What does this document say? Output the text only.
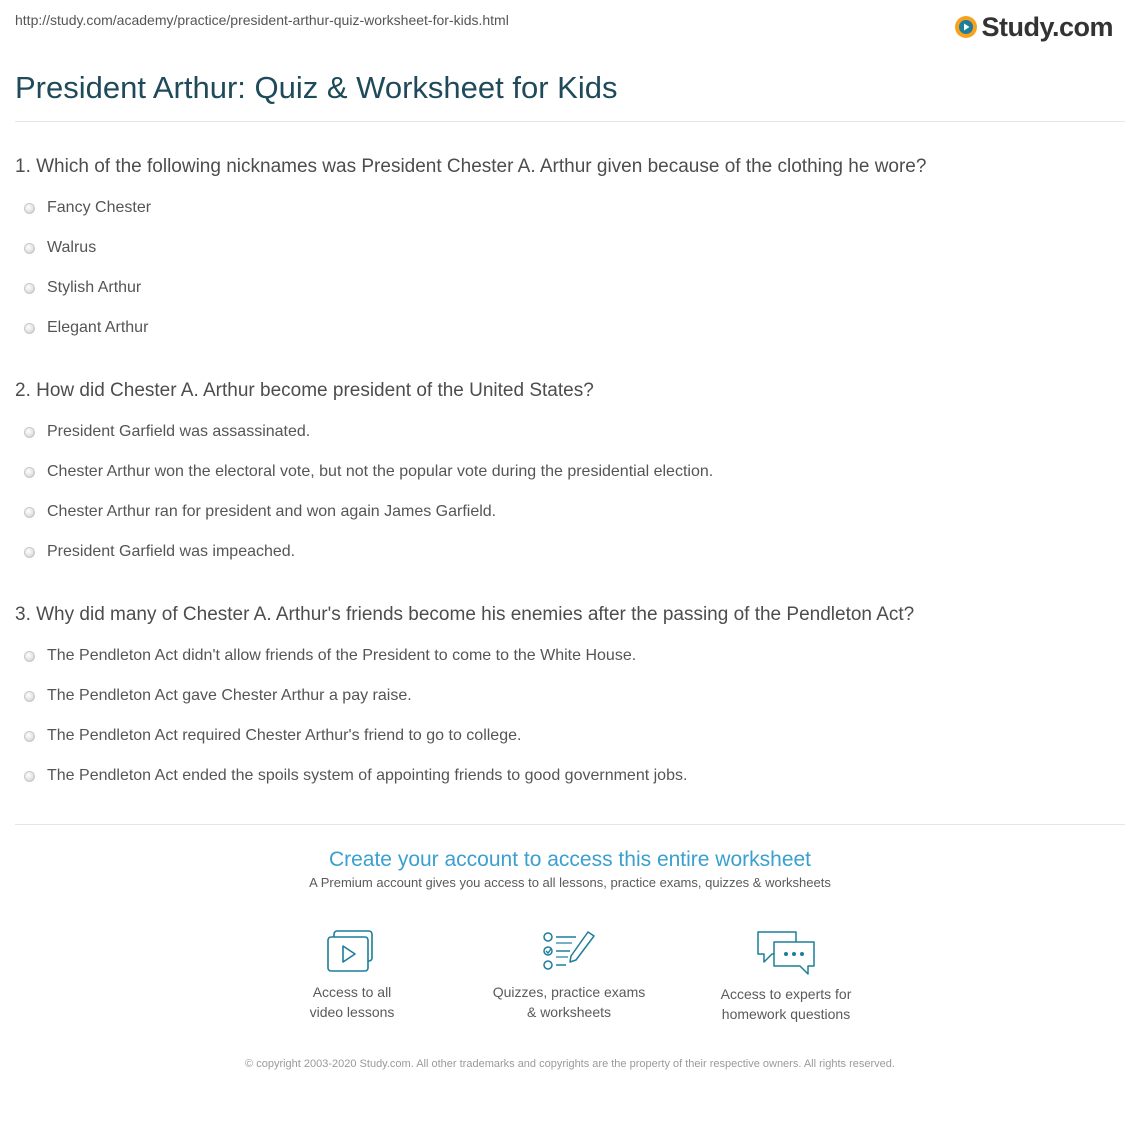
http://study.com/academy/practice/president-arthur-quiz-worksheet-for-kids.html	Study.com
President Arthur: Quiz & Worksheet for Kids

1. Which of the following nicknames was President Chester A. Arthur given because of the clothing he wore?

Fancy Chester
Walrus
Stylish Arthur
Elegant Arthur

2. How did Chester A. Arthur become president of the United States?

President Garfield was assassinated.
Chester Arthur won the electoral vote, but not the popular vote during the presidential election.
Chester Arthur ran for president and won again James Garfield.
President Garfield was impeached.

3. Why did many of Chester A. Arthur's friends become his enemies after the passing of the Pendleton Act?

The Pendleton Act didn't allow friends of the President to come to the White House.
The Pendleton Act gave Chester Arthur a pay raise.
The Pendleton Act required Chester Arthur's friend to go to college.
The Pendleton Act ended the spoils system of appointing friends to good government jobs.
Create your account to access this entire worksheet
A Premium account gives you access to all lessons, practice exams, quizzes & worksheets
Access to all
video lessons
Quizzes, practice exams
& worksheets
Access to experts for
homework questions
© copyright 2003-2020 Study.com. All other trademarks and copyrights are the property of their respective owners. All rights reserved.
